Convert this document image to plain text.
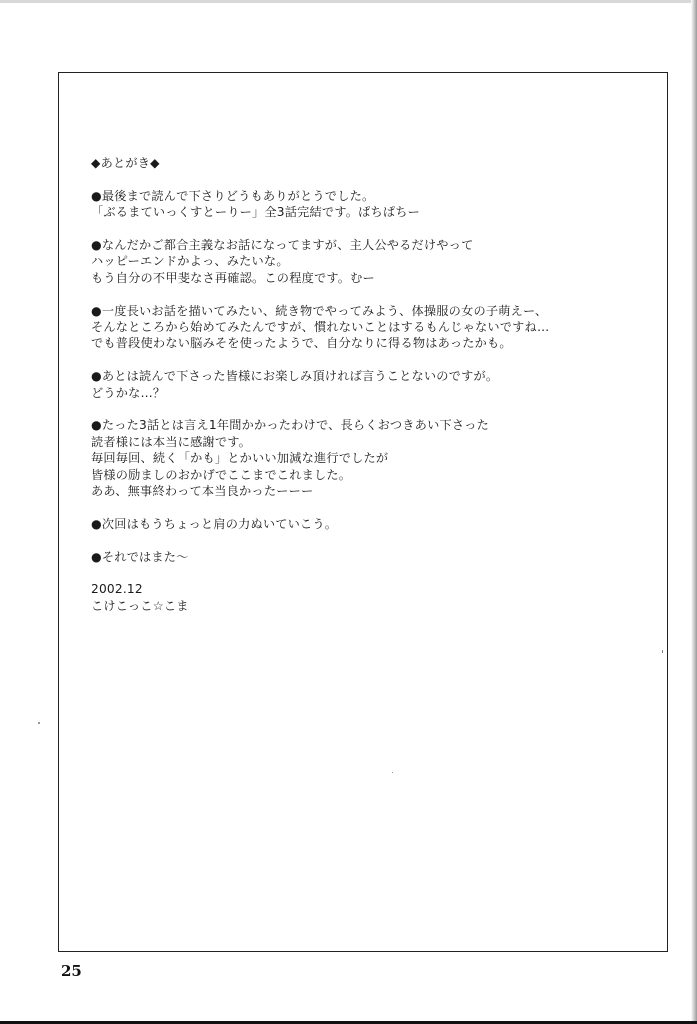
◆あとがき◆

●最後まで読んで下さりどうもありがとうでした。
「ぶるまていっくすとーりー」全3話完結です。ぱちぱちー

●なんだかご都合主義なお話になってますが、主人公やるだけやって
ハッピーエンドかよっ、みたいな。
もう自分の不甲斐なさ再確認。この程度です。むー

●一度長いお話を描いてみたい、続き物でやってみよう、体操服の女の子萌えー、
そんなところから始めてみたんですが、慣れないことはするもんじゃないですね…
でも普段使わない脳みそを使ったようで、自分なりに得る物はあったかも。

●あとは読んで下さった皆様にお楽しみ頂ければ言うことないのですが。
どうかな…？

●たった3話とは言え1年間かかったわけで、長らくおつきあい下さった
読者様には本当に感謝です。
毎回毎回、続く「かも」とかいい加減な進行でしたが
皆様の励ましのおかげでここまでこれました。
ああ、無事終わって本当良かったーーー

●次回はもうちょっと肩の力ぬいていこう。

●それではまた～

2002.12
こけこっこ☆こま

25
